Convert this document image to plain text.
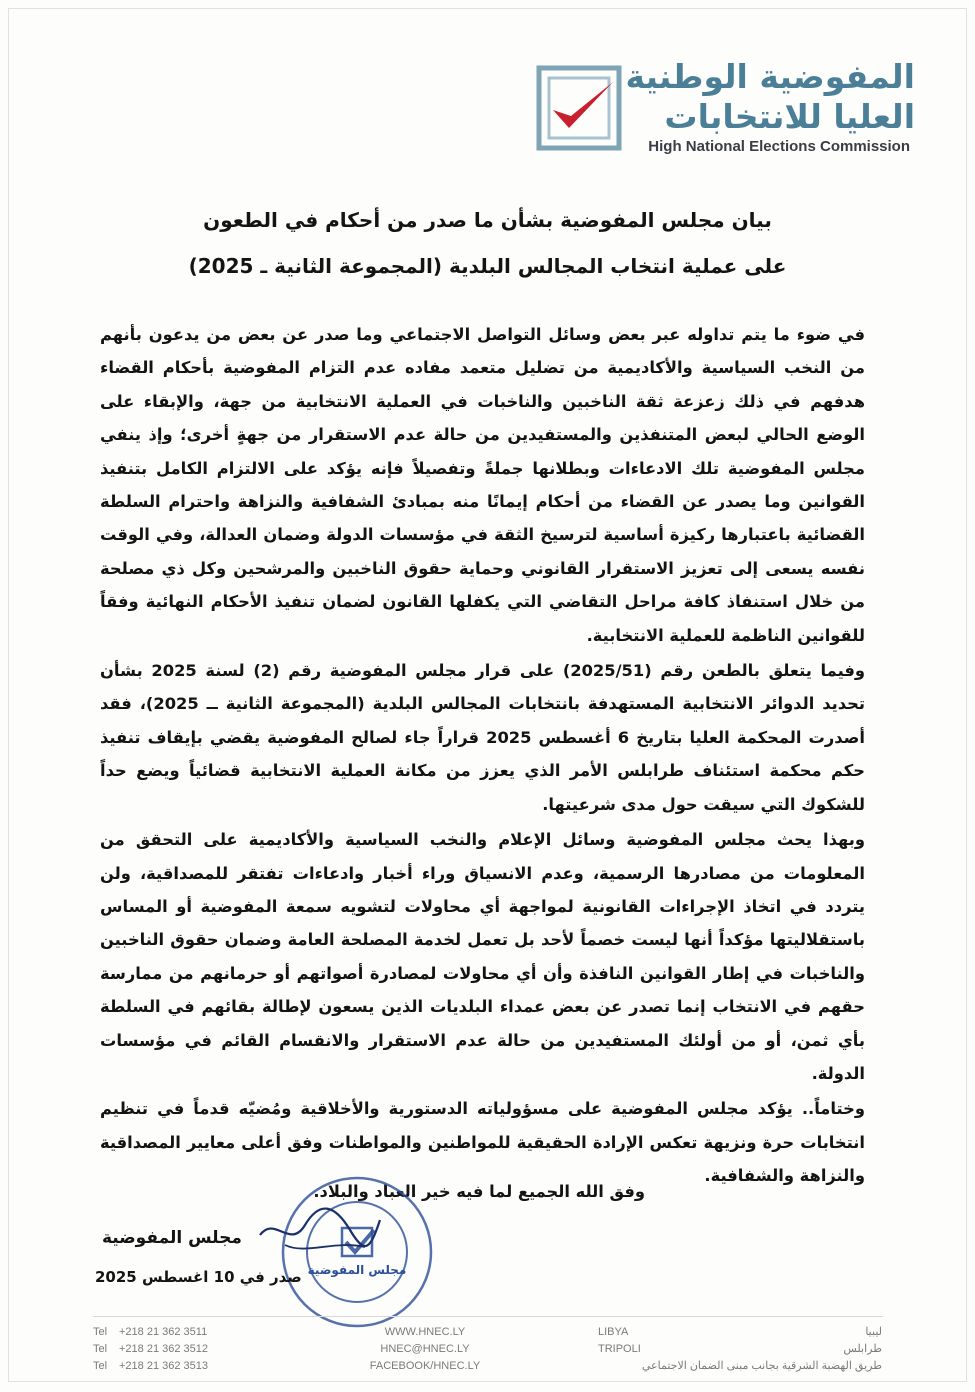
المفوضية الوطنية
العليا للانتخابات
High National Elections Commission
بيان مجلس المفوضية بشأن ما صدر من أحكام في الطعون
على عملية انتخاب المجالس البلدية (المجموعة الثانية ـ 2025)

في ضوء ما يتم تداوله عبر بعض وسائل التواصل الاجتماعي وما صدر عن بعض من يدعون بأنهم من النخب السياسية والأكاديمية من تضليل متعمد مفاده عدم التزام المفوضية بأحكام القضاء هدفهم في ذلك زعزعة ثقة الناخبين والناخبات في العملية الانتخابية من جهة، والإبقاء على الوضع الحالي لبعض المتنفذين والمستفيدين من حالة عدم الاستقرار من جهةٍ أخرى؛ وإذ ينفي مجلس المفوضية تلك الادعاءات وبطلانها جملةً وتفصيلاً فإنه يؤكد على الالتزام الكامل بتنفيذ القوانين وما يصدر عن القضاء من أحكام إيمانًا منه بمبادئ الشفافية والنزاهة واحترام السلطة القضائية باعتبارها ركيزة أساسية لترسيخ الثقة في مؤسسات الدولة وضمان العدالة، وفي الوقت نفسه يسعى إلى تعزيز الاستقرار القانوني وحماية حقوق الناخبين والمرشحين وكل ذي مصلحة من خلال استنفاذ كافة مراحل التقاضي التي يكفلها القانون لضمان تنفيذ الأحكام النهائية وفقاً للقوانين الناظمة للعملية الانتخابية.

وفيما يتعلق بالطعن رقم (2025/51) على قرار مجلس المفوضية رقم (2) لسنة 2025 بشأن تحديد الدوائر الانتخابية المستهدفة بانتخابات المجالس البلدية (المجموعة الثانية ــ 2025)، فقد أصدرت المحكمة العليا بتاريخ 6 أغسطس 2025 قراراً جاء لصالح المفوضية يقضي بإيقاف تنفيذ حكم محكمة استئناف طرابلس الأمر الذي يعزز من مكانة العملية الانتخابية قضائياً ويضع حداً للشكوك التي سيقت حول مدى شرعيتها.

وبهذا يحث مجلس المفوضية وسائل الإعلام والنخب السياسية والأكاديمية على التحقق من المعلومات من مصادرها الرسمية، وعدم الانسياق وراء أخبار وادعاءات تفتقر للمصداقية، ولن يتردد في اتخاذ الإجراءات القانونية لمواجهة أي محاولات لتشويه سمعة المفوضية أو المساس باستقلاليتها مؤكداً أنها ليست خصماً لأحد بل تعمل لخدمة المصلحة العامة وضمان حقوق الناخبين والناخبات في إطار القوانين النافذة وأن أي محاولات لمصادرة أصواتهم أو حرمانهم من ممارسة حقهم في الانتخاب إنما تصدر عن بعض عمداء البلديات الذين يسعون لإطالة بقائهم في السلطة بأي ثمن، أو من أولئك المستفيدين من حالة عدم الاستقرار والانقسام القائم في مؤسسات الدولة.

وختاماً.. يؤكد مجلس المفوضية على مسؤولياته الدستورية والأخلاقية ومُضيّه قدماً في تنظيم انتخابات حرة ونزيهة تعكس الإرادة الحقيقية للمواطنين والمواطنات وفق أعلى معايير المصداقية والنزاهة والشفافية.

وفق الله الجميع لما فيه خير العباد والبلاد.
مجلس المفوضية
مجلس المفوضية
صدر في 10 اغسطس 2025
Tel +218 21 362 3511
Tel +218 21 362 3512
Tel +218 21 362 3513
WWW.HNEC.LY
HNEC@HNEC.LY
FACEBOOK/HNEC.LY
LIBYA
TRIPOLI
ليبيا
طرابلس
طريق الهضبة الشرقية بجانب مبنى الضمان الاجتماعي
